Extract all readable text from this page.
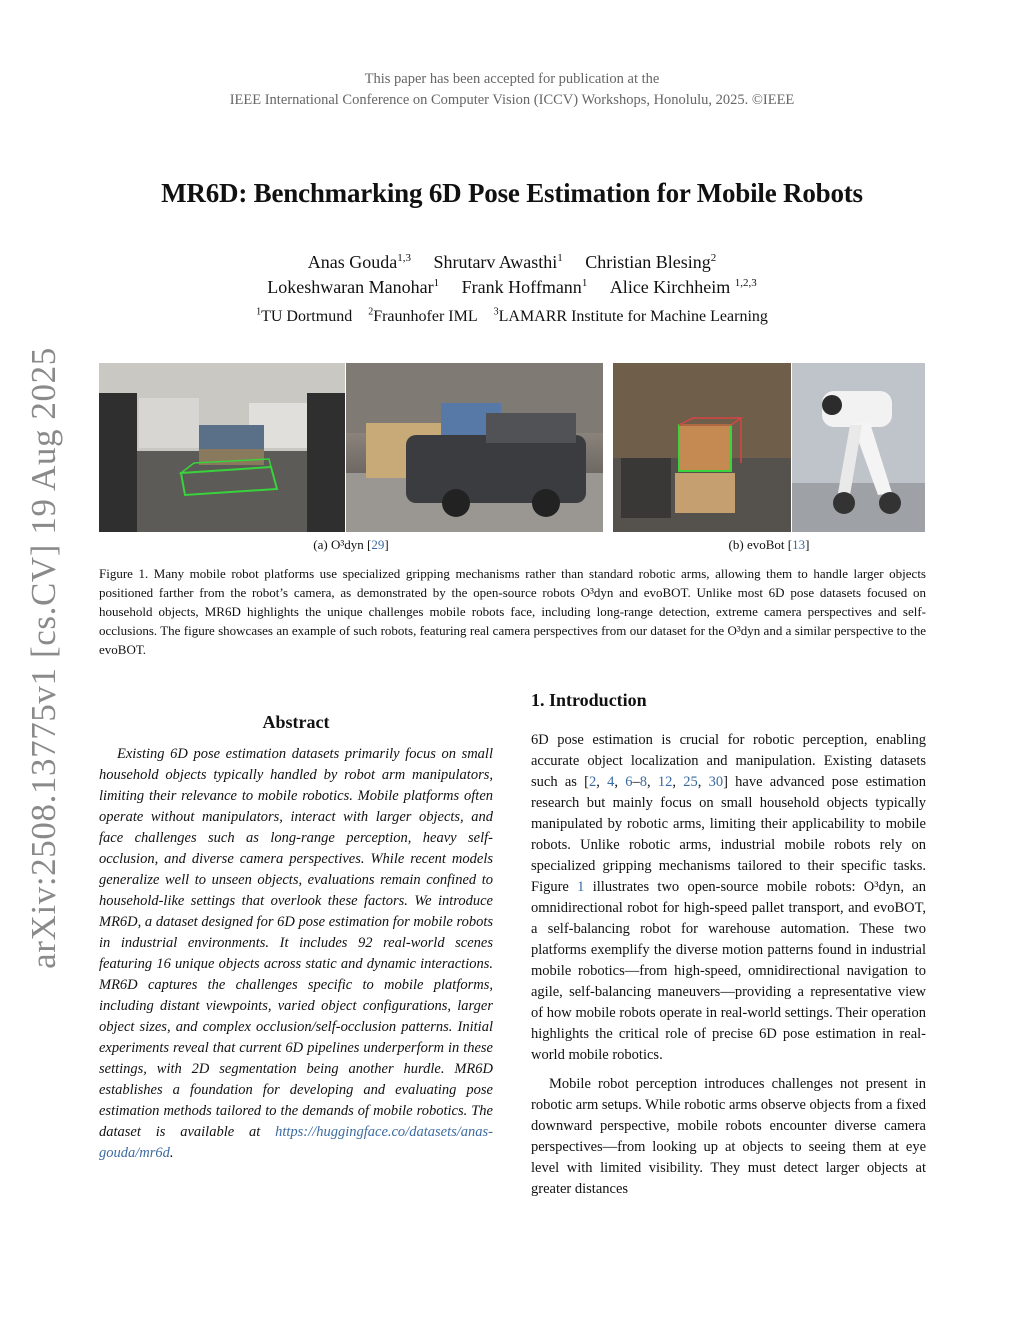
This paper has been accepted for publication at the
IEEE International Conference on Computer Vision (ICCV) Workshops, Honolulu, 2025. ©IEEE
arXiv:2508.13775v1 [cs.CV] 19 Aug 2025
MR6D: Benchmarking 6D Pose Estimation for Mobile Robots
Anas Gouda$^{1,3}$ Shrutarv Awasthi$^1$ Christian Blesing$^2$
Lokeshwaran Manohar$^1$ Frank Hoffmann$^1$ Alice Kirchheim $^{1,2,3}$
$^1$TU Dortmund $^2$Fraunhofer IML $^3$LAMARR Institute for Machine Learning
(a) O³dyn [29]	(b) evoBot [13]
Figure 1. Many mobile robot platforms use specialized gripping mechanisms rather than standard robotic arms, allowing them to handle larger objects positioned farther from the robot’s camera, as demonstrated by the open-source robots O³dyn and evoBOT. Unlike most 6D pose datasets focused on household objects, MR6D highlights the unique challenges mobile robots face, including long-range detection, extreme camera perspectives and self-occlusions. The figure showcases an example of such robots, featuring real camera perspectives from our dataset for the O³dyn and a similar perspective to the evoBOT.
Abstract
Existing 6D pose estimation datasets primarily focus on small household objects typically handled by robot arm manipulators, limiting their relevance to mobile robotics. Mobile platforms often operate without manipulators, interact with larger objects, and face challenges such as long-range perception, heavy self-occlusion, and diverse camera perspectives. While recent models generalize well to unseen objects, evaluations remain confined to household-like settings that overlook these factors. We introduce MR6D, a dataset designed for 6D pose estimation for mobile robots in industrial environments. It includes 92 real-world scenes featuring 16 unique objects across static and dynamic interactions. MR6D captures the challenges specific to mobile platforms, including distant viewpoints, varied object configurations, larger object sizes, and complex occlusion/self-occlusion patterns. Initial experiments reveal that current 6D pipelines underperform in these settings, with 2D segmentation being another hurdle. MR6D establishes a foundation for developing and evaluating pose estimation methods tailored to the demands of mobile robotics. The dataset is available at https://huggingface.co/datasets/anas-gouda/mr6d.
1. Introduction
6D pose estimation is crucial for robotic perception, enabling accurate object localization and manipulation. Existing datasets such as [2, 4, 6–8, 12, 25, 30] have advanced pose estimation research but mainly focus on small household objects typically manipulated by robotic arms, limiting their applicability to mobile robots. Unlike robotic arms, industrial mobile robots rely on specialized gripping mechanisms tailored to their specific tasks. Figure 1 illustrates two open-source mobile robots: O³dyn, an omnidirectional robot for high-speed pallet transport, and evoBOT, a self-balancing robot for warehouse automation. These two platforms exemplify the diverse motion patterns found in industrial mobile robotics—from high-speed, omnidirectional navigation to agile, self-balancing maneuvers—providing a representative view of how mobile robots operate in real-world settings. Their operation highlights the critical role of precise 6D pose estimation in real-world mobile robotics.
Mobile robot perception introduces challenges not present in robotic arm setups. While robotic arms observe objects from a fixed downward perspective, mobile robots encounter diverse camera perspectives—from looking up at objects to seeing them at eye level with limited visibility. They must detect larger objects at greater distances
